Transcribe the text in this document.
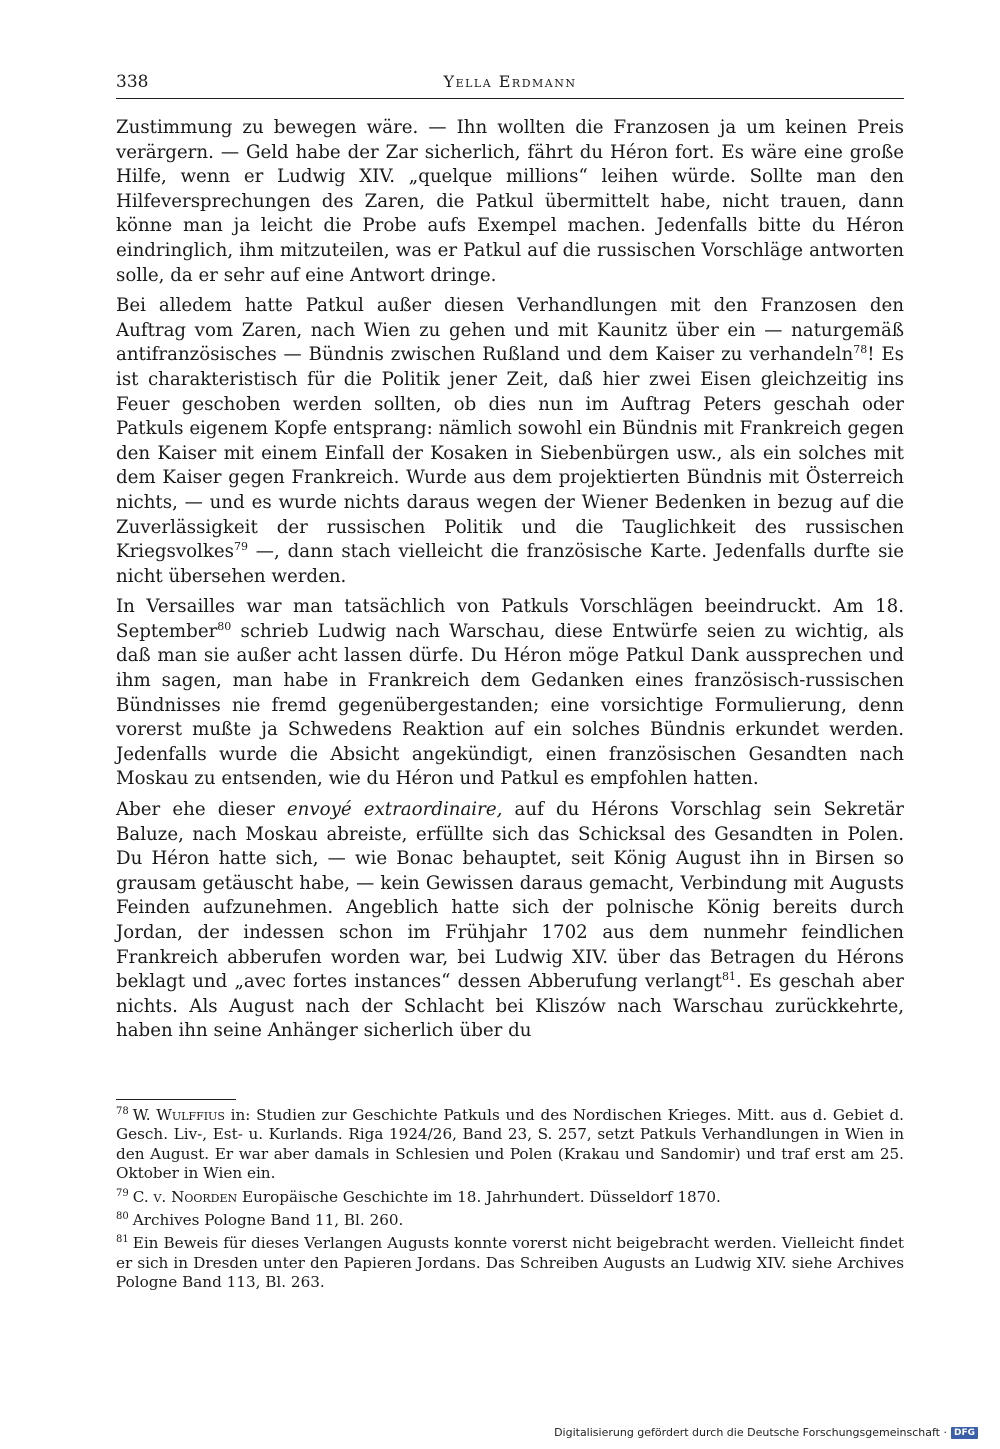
338	Yella Erdmann

Zustimmung zu bewegen wäre. — Ihn wollten die Franzosen ja um keinen Preis verärgern. — Geld habe der Zar sicherlich, fährt du Héron fort. Es wäre eine große Hilfe, wenn er Ludwig XIV. „quelque millions“ leihen würde. Sollte man den Hilfeversprechungen des Zaren, die Patkul übermittelt habe, nicht trauen, dann könne man ja leicht die Probe aufs Exempel machen. Jedenfalls bitte du Héron eindringlich, ihm mitzuteilen, was er Patkul auf die russischen Vorschläge antworten solle, da er sehr auf eine Antwort dringe.

Bei alledem hatte Patkul außer diesen Verhandlungen mit den Franzosen den Auftrag vom Zaren, nach Wien zu gehen und mit Kaunitz über ein — naturgemäß antifranzösisches — Bündnis zwischen Rußland und dem Kaiser zu verhandeln$^{78}$! Es ist charakteristisch für die Politik jener Zeit, daß hier zwei Eisen gleichzeitig ins Feuer geschoben werden sollten, ob dies nun im Auftrag Peters geschah oder Patkuls eigenem Kopfe entsprang: nämlich sowohl ein Bündnis mit Frankreich gegen den Kaiser mit einem Einfall der Kosaken in Siebenbürgen usw., als ein solches mit dem Kaiser gegen Frankreich. Wurde aus dem projektierten Bündnis mit Österreich nichts, — und es wurde nichts daraus wegen der Wiener Bedenken in bezug auf die Zuverlässigkeit der russischen Politik und die Tauglichkeit des russischen Kriegsvolkes$^{79}$ —, dann stach vielleicht die französische Karte. Jedenfalls durfte sie nicht übersehen werden.

In Versailles war man tatsächlich von Patkuls Vorschlägen beeindruckt. Am 18. September$^{80}$ schrieb Ludwig nach Warschau, diese Entwürfe seien zu wichtig, als daß man sie außer acht lassen dürfe. Du Héron möge Patkul Dank aussprechen und ihm sagen, man habe in Frankreich dem Gedanken eines französisch-russischen Bündnisses nie fremd gegenübergestanden; eine vorsichtige Formulierung, denn vorerst mußte ja Schwedens Reaktion auf ein solches Bündnis erkundet werden. Jedenfalls wurde die Absicht angekündigt, einen französischen Gesandten nach Moskau zu entsenden, wie du Héron und Patkul es empfohlen hatten.

Aber ehe dieser envoyé extraordinaire, auf du Hérons Vorschlag sein Sekretär Baluze, nach Moskau abreiste, erfüllte sich das Schicksal des Gesandten in Polen. Du Héron hatte sich, — wie Bonac behauptet, seit König August ihn in Birsen so grausam getäuscht habe, — kein Gewissen daraus gemacht, Verbindung mit Augusts Feinden aufzunehmen. Angeblich hatte sich der polnische König bereits durch Jordan, der indessen schon im Frühjahr 1702 aus dem nunmehr feindlichen Frankreich abberufen worden war, bei Ludwig XIV. über das Betragen du Hérons beklagt und „avec fortes instances“ dessen Abberufung verlangt$^{81}$. Es geschah aber nichts. Als August nach der Schlacht bei Kliszów nach Warschau zurückkehrte, haben ihn seine Anhänger sicherlich über du

$^{78}$ W. Wulffius in: Studien zur Geschichte Patkuls und des Nordischen Krieges. Mitt. aus d. Gebiet d. Gesch. Liv-, Est- u. Kurlands. Riga 1924/26, Band 23, S. 257, setzt Patkuls Verhandlungen in Wien in den August. Er war aber damals in Schlesien und Polen (Krakau und Sandomir) und traf erst am 25. Oktober in Wien ein.
$^{79}$ C. v. Noorden Europäische Geschichte im 18. Jahrhundert. Düsseldorf 1870.
$^{80}$ Archives Pologne Band 11, Bl. 260.
$^{81}$ Ein Beweis für dieses Verlangen Augusts konnte vorerst nicht beigebracht werden. Vielleicht findet er sich in Dresden unter den Papieren Jordans. Das Schreiben Augusts an Ludwig XIV. siehe Archives Pologne Band 113, Bl. 263.
Digitalisierung gefördert durch die Deutsche Forschungsgemeinschaft · DFG
